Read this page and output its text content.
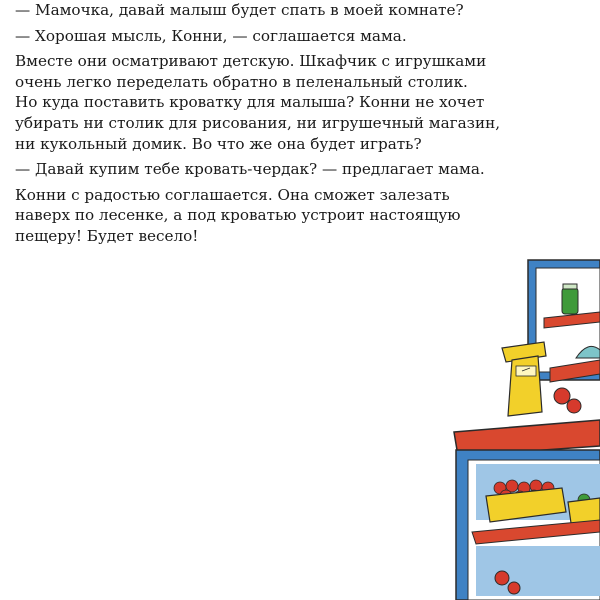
— Мамочка, давай малыш будет спать в моей комнате?

— Хорошая мысль, Конни, — соглашается мама.

Вместе они осматривают детскую. Шкафчик с игрушками
очень легко переделать обратно в пеленальный столик.
Но куда поставить кроватку для малыша? Конни не хочет
убирать ни столик для рисования, ни игрушечный магазин,
ни кукольный домик. Во что же она будет играть?

— Давай купим тебе кровать-чердак? — предлагает мама.

Конни с радостью соглашается. Она сможет залезать
наверх по лесенке, а под кроватью устроит настоящую
пещеру! Будет весело!
